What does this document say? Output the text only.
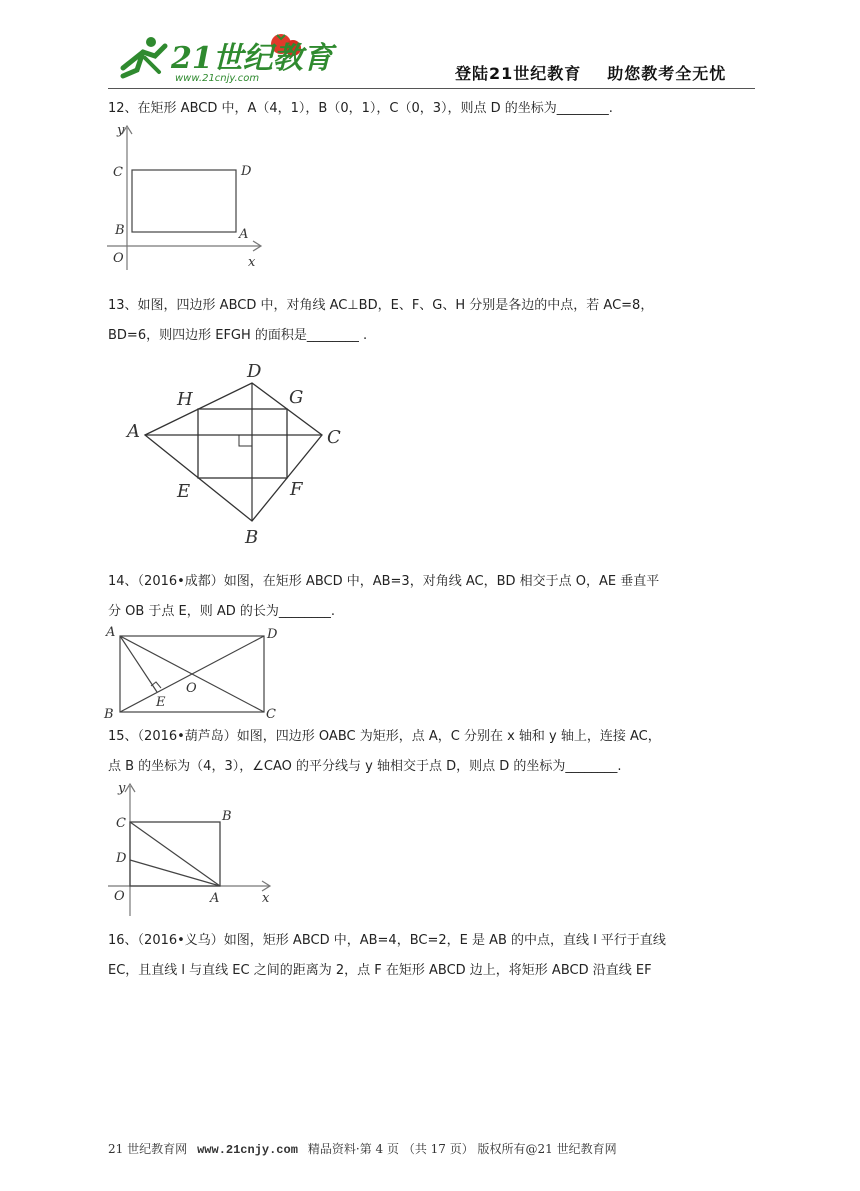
21世纪教育
www.21cnjy.com	登陆21世纪教育 助您教考全无忧
12、在矩形 ABCD 中，A（4，1），B（0，1），C（0，3），则点 D 的坐标为________.
y
x
O
C	D
B	A
13、如图，四边形 ABCD 中，对角线 AC⊥BD，E、F、G、H 分别是各边的中点，若 AC=8，
BD=6，则四边形 EFGH 的面积是________ .
A
D
C
B
H	G
E	F
14、（2016•成都）如图，在矩形 ABCD 中，AB=3，对角线 AC，BD 相交于点 O，AE 垂直平
分 OB 于点 E，则 AD 的长为________.
A	D
B	C
E
O
15、（2016•葫芦岛）如图，四边形 OABC 为矩形，点 A，C 分别在 x 轴和 y 轴上，连接 AC，
点 B 的坐标为（4，3），∠CAO 的平分线与 y 轴相交于点 D，则点 D 的坐标为________.
y
x
O
C
D
B
A
16、（2016•义乌）如图，矩形 ABCD 中，AB=4，BC=2，E 是 AB 的中点，直线 l 平行于直线
EC，且直线 l 与直线 EC 之间的距离为 2，点 F 在矩形 ABCD 边上，将矩形 ABCD 沿直线 EF
21 世纪教育网 www.21cnjy.com 精品资料·第 4 页 （共 17 页） 版权所有@21 世纪教育网
